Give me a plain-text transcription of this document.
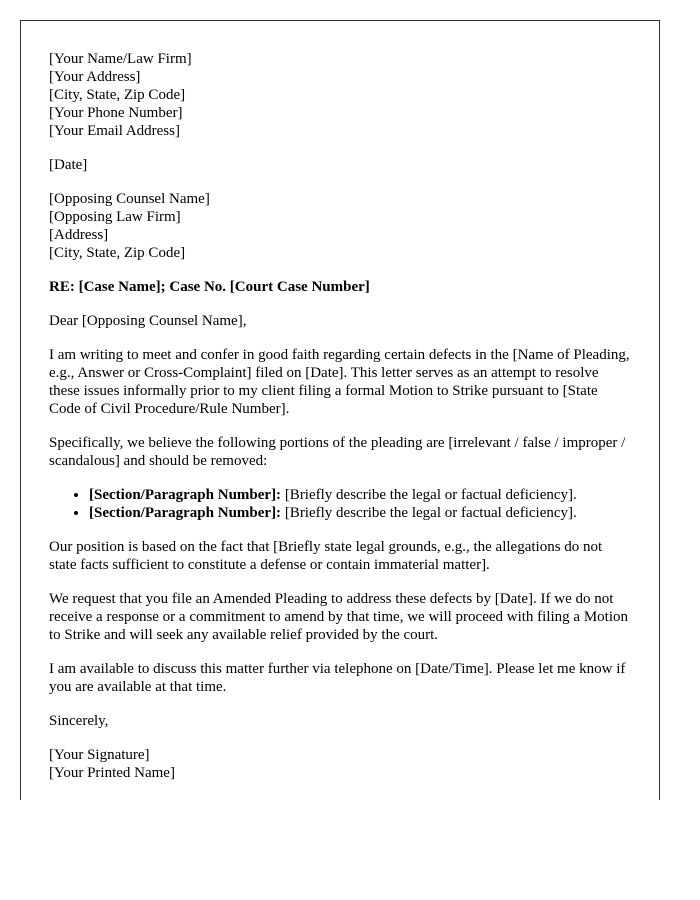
[Your Name/Law Firm]
[Your Address]
[City, State, Zip Code]
[Your Phone Number]
[Your Email Address]
[Date]
[Opposing Counsel Name]
[Opposing Law Firm]
[Address]
[City, State, Zip Code]
RE: [Case Name]; Case No. [Court Case Number]

Dear [Opposing Counsel Name],

I am writing to meet and confer in good faith regarding certain defects in the [Name of Pleading, e.g., Answer or Cross-Complaint] filed on [Date]. This letter serves as an attempt to resolve these issues informally prior to my client filing a formal Motion to Strike pursuant to [State Code of Civil Procedure/Rule Number].

Specifically, we believe the following portions of the pleading are [irrelevant / false / improper / scandalous] and should be removed:

• [Section/Paragraph Number]: [Briefly describe the legal or factual deficiency].
• [Section/Paragraph Number]: [Briefly describe the legal or factual deficiency].

Our position is based on the fact that [Briefly state legal grounds, e.g., the allegations do not state facts sufficient to constitute a defense or contain immaterial matter].

We request that you file an Amended Pleading to address these defects by [Date]. If we do not receive a response or a commitment to amend by that time, we will proceed with filing a Motion to Strike and will seek any available relief provided by the court.

I am available to discuss this matter further via telephone on [Date/Time]. Please let me know if you are available at that time.

Sincerely,

[Your Signature]
[Your Printed Name]
